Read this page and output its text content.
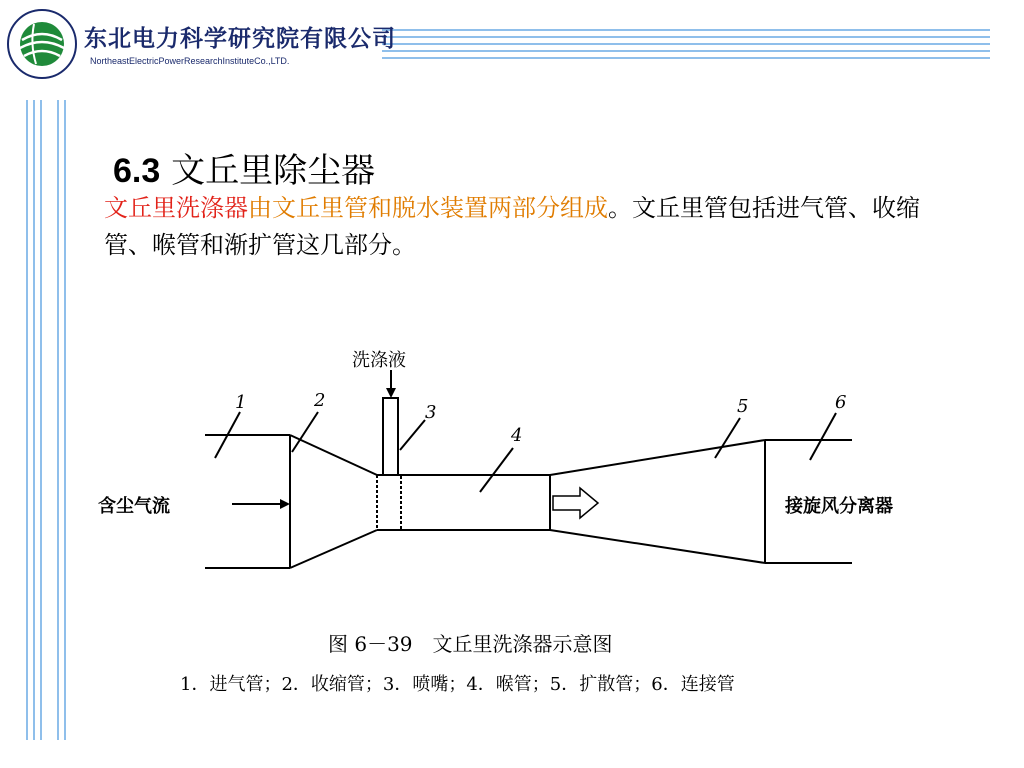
东北电力科学研究院有限公司
NortheastElectricPowerResearchInstituteCo.,LTD.
6.3 文丘里除尘器
文丘里洗涤器由文丘里管和脱水装置两部分组成。文丘里管包括进气管、收缩管、喉管和渐扩管这几部分。
洗涤液
含尘气流	接旋风分离器
1	2
3
4
5	6
图 6－39　文丘里洗涤器示意图
1．进气管；2．收缩管；3．喷嘴；4．喉管；5．扩散管；6．连接管
